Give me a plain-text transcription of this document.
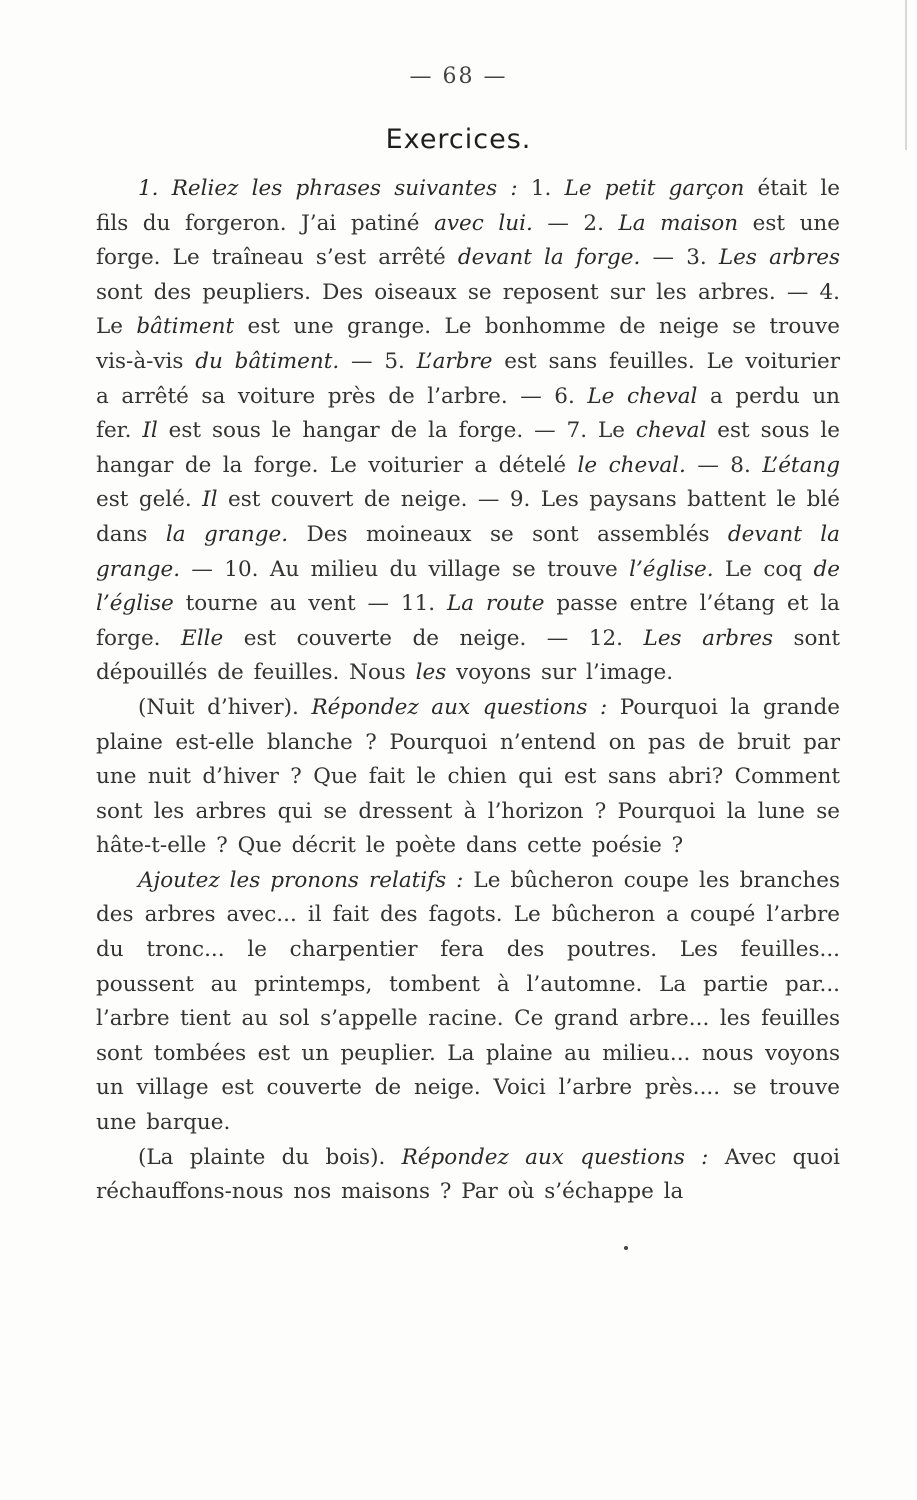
— 68 —
Exercices.

1. Reliez les phrases suivantes : 1. Le petit garçon était le fils du forgeron. J’ai patiné avec lui. — 2. La maison est une forge. Le traîneau s’est arrêté devant la forge. — 3. Les arbres sont des peupliers. Des oiseaux se reposent sur les arbres. — 4. Le bâtiment est une grange. Le bonhomme de neige se trouve vis-à-vis du bâtiment. — 5. L’arbre est sans feuilles. Le voiturier a arrêté sa voiture près de l’arbre. — 6. Le cheval a perdu un fer. Il est sous le hangar de la forge. — 7. Le cheval est sous le hangar de la forge. Le voiturier a dételé le cheval. — 8. L’étang est gelé. Il est couvert de neige. — 9. Les paysans battent le blé dans la grange. Des moineaux se sont assemblés devant la grange. — 10. Au milieu du village se trouve l’église. Le coq de l’église tourne au vent — 11. La route passe entre l’étang et la forge. Elle est couverte de neige. — 12. Les arbres sont dépouillés de feuilles. Nous les voyons sur l’image.

(Nuit d’hiver). Répondez aux questions : Pourquoi la grande plaine est-elle blanche ? Pourquoi n’entend on pas de bruit par une nuit d’hiver ? Que fait le chien qui est sans abri? Comment sont les arbres qui se dressent à l’horizon ? Pourquoi la lune se hâte-t-elle ? Que décrit le poète dans cette poésie ?

Ajoutez les pronons relatifs : Le bûcheron coupe les branches des arbres avec... il fait des fagots. Le bûcheron a coupé l’arbre du tronc... le charpentier fera des poutres. Les feuilles... poussent au printemps, tombent à l’automne. La partie par... l’arbre tient au sol s’appelle racine. Ce grand arbre... les feuilles sont tombées est un peuplier. La plaine au milieu... nous voyons un village est couverte de neige. Voici l’arbre près.... se trouve une barque.

(La plainte du bois). Répondez aux questions : Avec quoi réchauffons-nous nos maisons ? Par où s’échappe la
